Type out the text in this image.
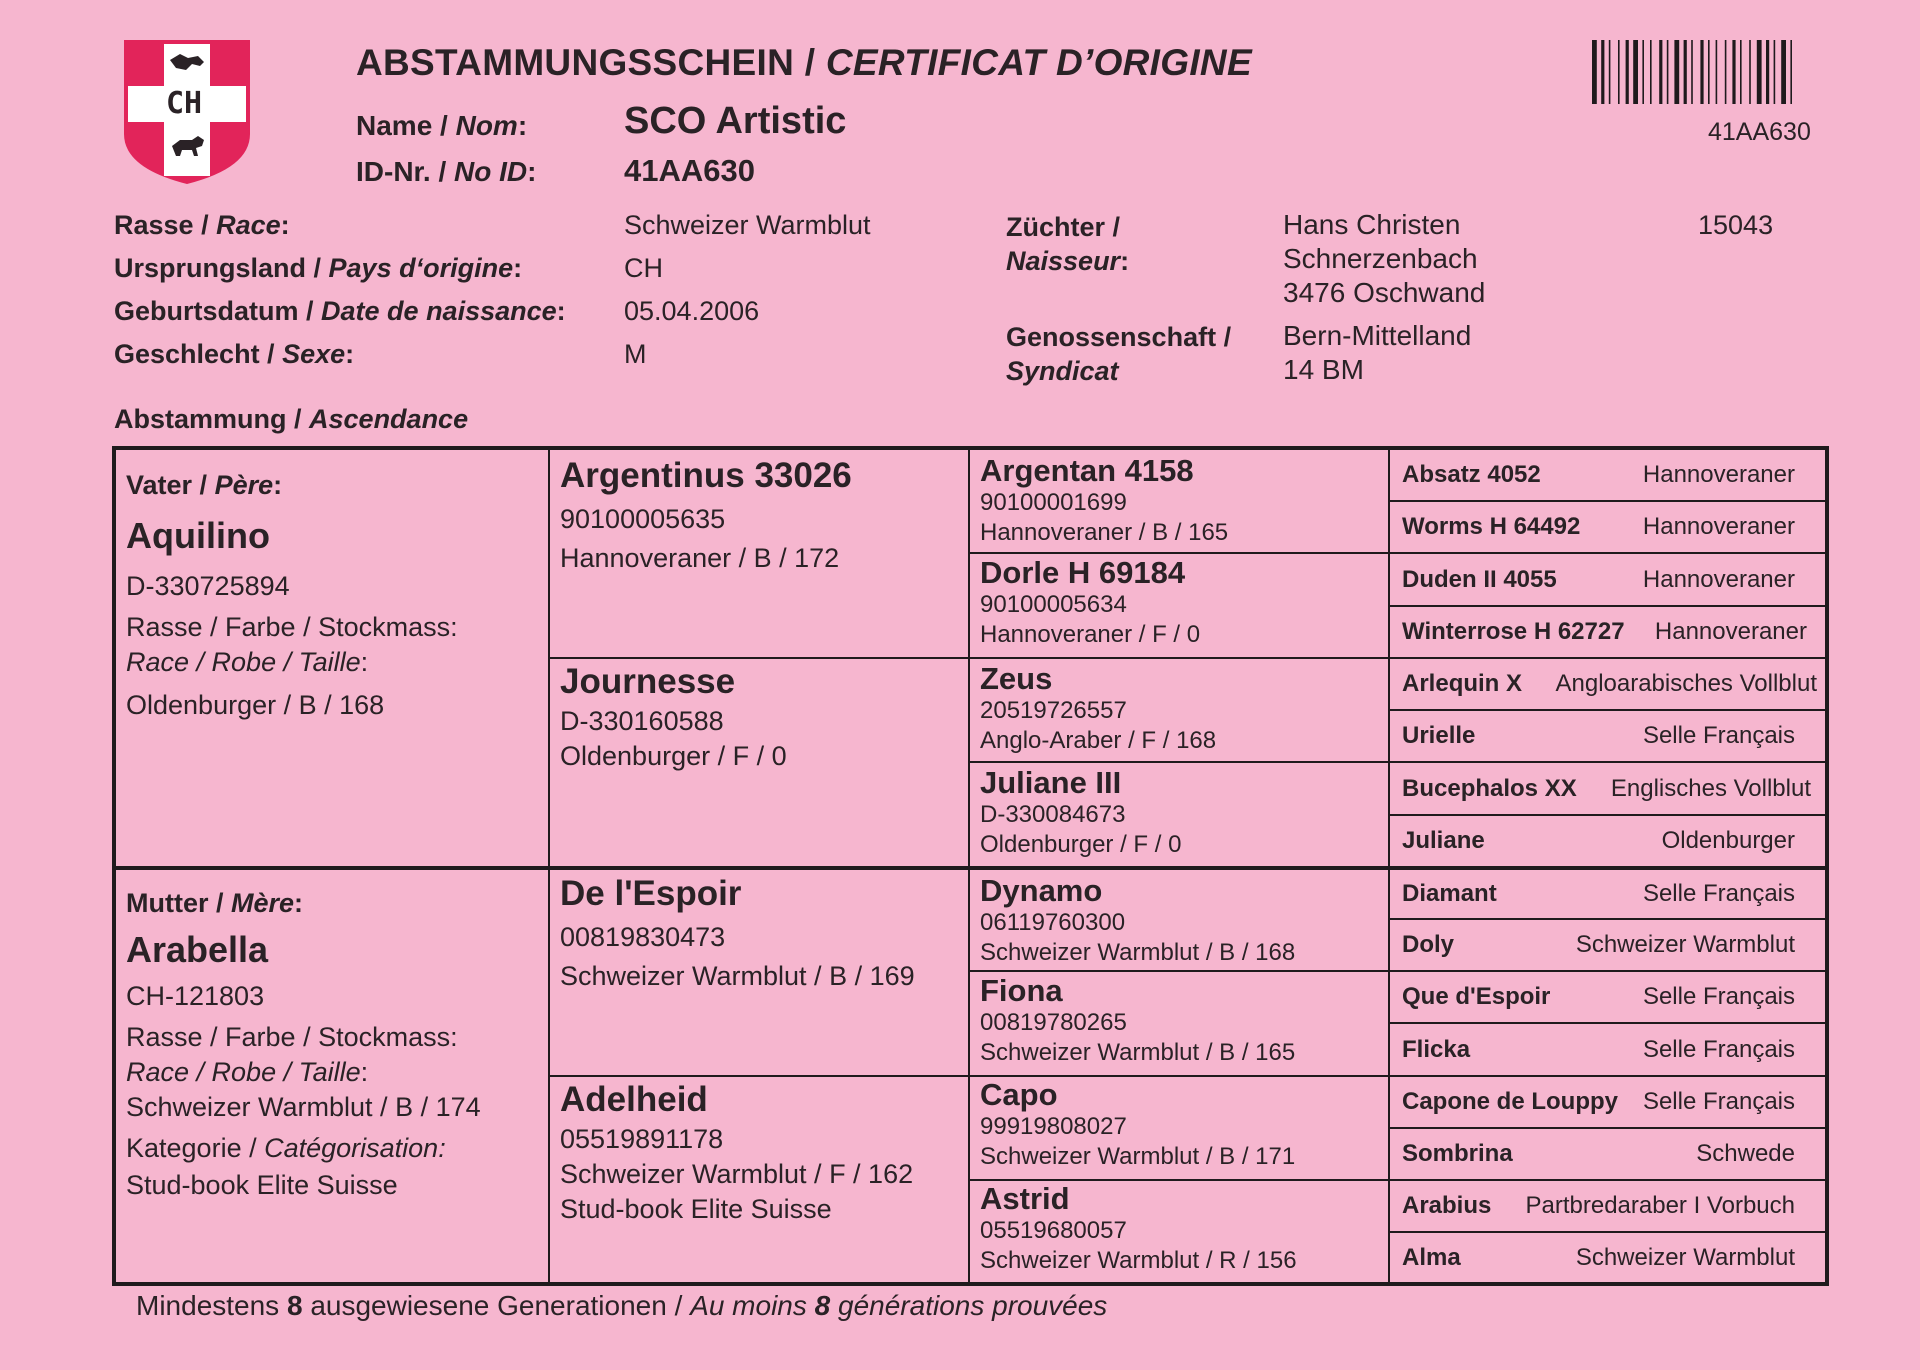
CH
ABSTAMMUNGSSCHEIN / CERTIFICAT D’ORIGINE
Name / Nom:	SCO Artistic
ID-Nr. / No ID:	41AA630
41AA630
Rasse / Race:	Schweizer Warmblut
Ursprungsland / Pays d‘origine:	CH
Geburtsdatum / Date de naissance: 05.04.2006
Geschlecht / Sexe:	M
Züchter /
Naisseur:
Hans Christen
Schnerzenbach
3476 Oschwand
15043
Genossenschaft /
Syndicat
Bern-Mittelland
14 BM
Abstammung / Ascendance
Vater / Père:
Aquilino
D-330725894
Rasse / Farbe / Stockmass:
Race / Robe / Taille:
Oldenburger / B / 168
Mutter / Mère:
Arabella
CH-121803
Rasse / Farbe / Stockmass:
Race / Robe / Taille:
Schweizer Warmblut / B / 174
Kategorie / Catégorisation:
Stud-book Elite Suisse
Argentinus 33026
90100005635
Hannoveraner / B / 172
Journesse
D-330160588
Oldenburger / F / 0
De l'Espoir
00819830473
Schweizer Warmblut / B / 169
Adelheid
05519891178
Schweizer Warmblut / F / 162
Stud-book Elite Suisse
Argentan 4158
90100001699
Hannoveraner / B / 165
Dorle H 69184
90100005634
Hannoveraner / F / 0
Zeus
20519726557
Anglo-Araber / F / 168
Juliane III
D-330084673
Oldenburger / F / 0
Dynamo
06119760300
Schweizer Warmblut / B / 168
Fiona
00819780265
Schweizer Warmblut / B / 165
Capo
99919808027
Schweizer Warmblut / B / 171
Astrid
05519680057
Schweizer Warmblut / R / 156
Absatz 4052	Hannoveraner
Worms H 64492	Hannoveraner
Duden II 4055	Hannoveraner
Winterrose H 62727 Hannoveraner
Arlequin X Angloarabisches Vollblut
Urielle	Selle Français
Bucephalos XX Englisches Vollblut
Juliane	Oldenburger
Diamant	Selle Français
Doly	Schweizer Warmblut
Que d'Espoir	Selle Français
Flicka	Selle Français
Capone de Louppy Selle Français
Sombrina	Schwede
Arabius Partbredaraber I Vorbuch
Alma	Schweizer Warmblut
Mindestens 8 ausgewiesene Generationen / Au moins 8 générations prouvées
